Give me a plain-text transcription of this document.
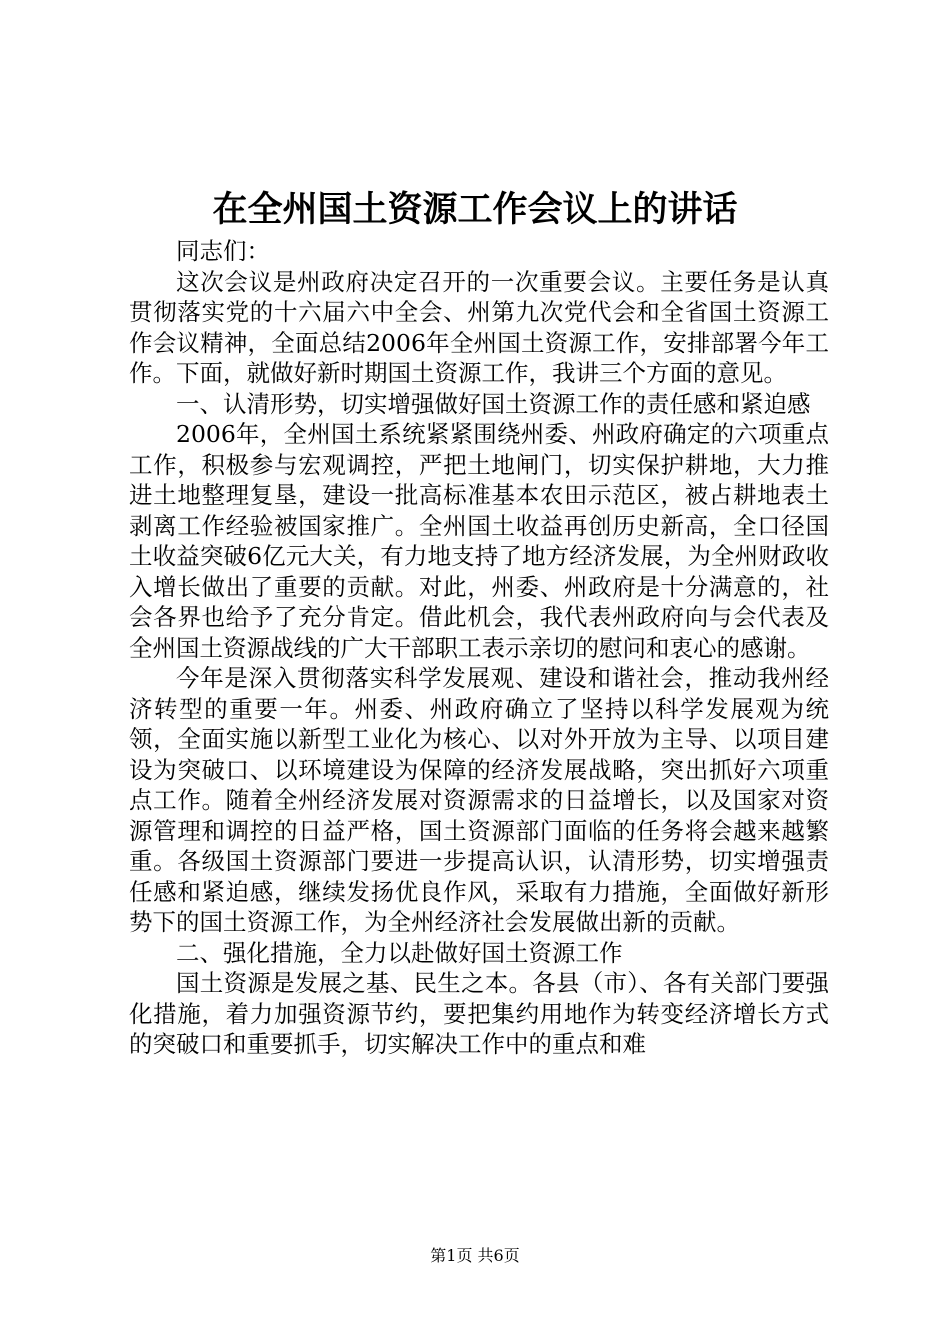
在全州国土资源工作会议上的讲话

同志们：

这次会议是州政府决定召开的一次重要会议。主要任务是认真贯彻落实党的十六届六中全会、州第九次党代会和全省国土资源工作会议精神，全面总结2006年全州国土资源工作，安排部署今年工作。下面，就做好新时期国土资源工作，我讲三个方面的意见。

一、认清形势，切实增强做好国土资源工作的责任感和紧迫感

2006年，全州国土系统紧紧围绕州委、州政府确定的六项重点工作，积极参与宏观调控，严把土地闸门，切实保护耕地，大力推进土地整理复垦，建设一批高标准基本农田示范区，被占耕地表土剥离工作经验被国家推广。全州国土收益再创历史新高，全口径国土收益突破6亿元大关，有力地支持了地方经济发展，为全州财政收入增长做出了重要的贡献。对此，州委、州政府是十分满意的，社会各界也给予了充分肯定。借此机会，我代表州政府向与会代表及全州国土资源战线的广大干部职工表示亲切的慰问和衷心的感谢。

今年是深入贯彻落实科学发展观、建设和谐社会，推动我州经济转型的重要一年。州委、州政府确立了坚持以科学发展观为统领，全面实施以新型工业化为核心、以对外开放为主导、以项目建设为突破口、以环境建设为保障的经济发展战略，突出抓好六项重点工作。随着全州经济发展对资源需求的日益增长，以及国家对资源管理和调控的日益严格，国土资源部门面临的任务将会越来越繁重。各级国土资源部门要进一步提高认识，认清形势，切实增强责任感和紧迫感，继续发扬优良作风，采取有力措施，全面做好新形势下的国土资源工作，为全州经济社会发展做出新的贡献。

二、强化措施，全力以赴做好国土资源工作

国土资源是发展之基、民生之本。各县（市）、各有关部门要强化措施，着力加强资源节约，要把集约用地作为转变经济增长方式的突破口和重要抓手，切实解决工作中的重点和难

第1页 共6页
